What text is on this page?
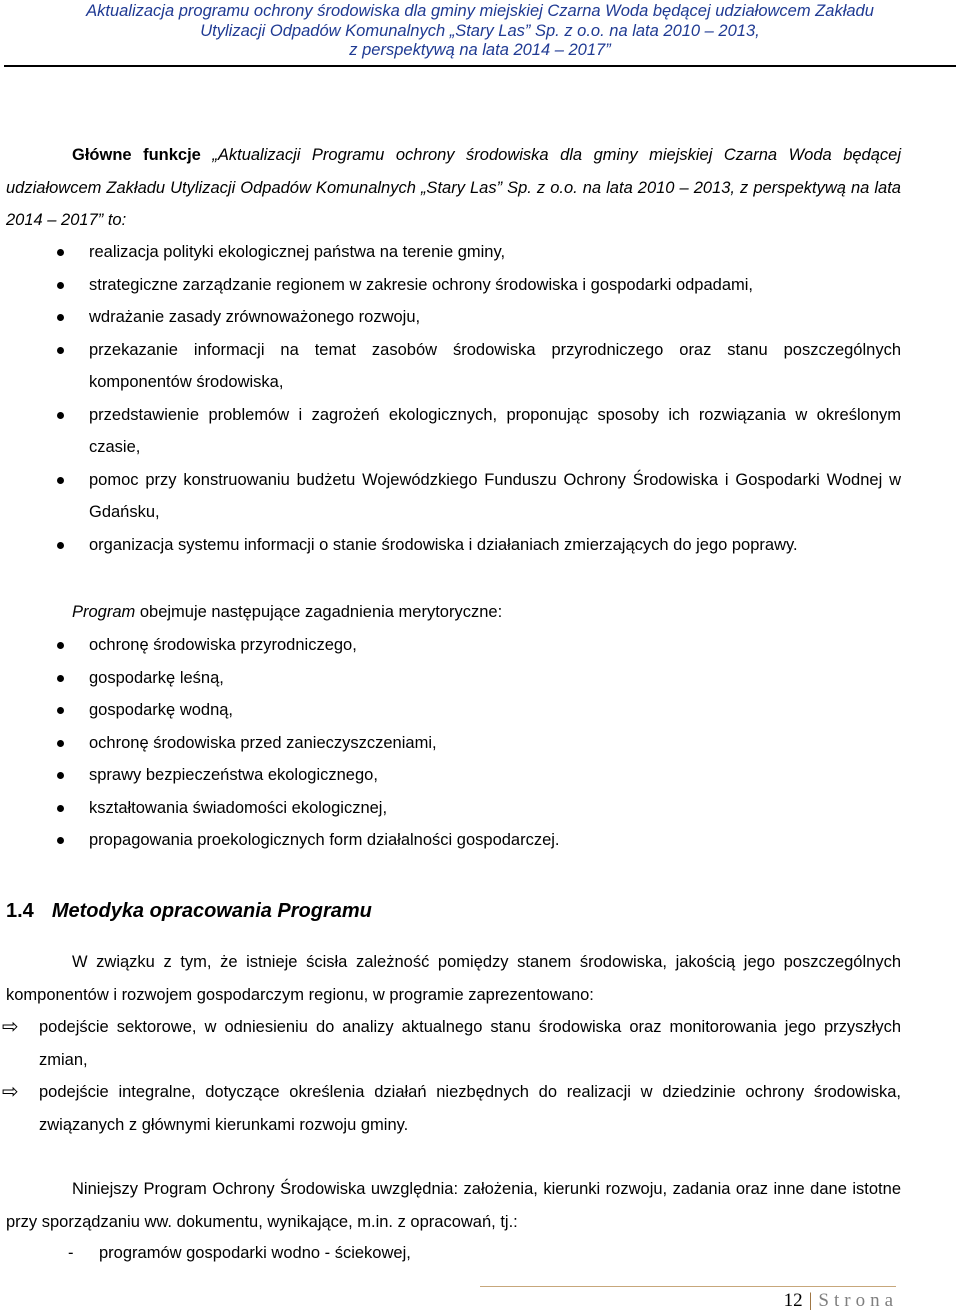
Aktualizacja programu ochrony środowiska dla gminy miejskiej Czarna Woda będącej udziałowcem Zakładu
Utylizacji Odpadów Komunalnych „Stary Las” Sp. z o.o. na lata 2010 – 2013,
z perspektywą na lata 2014 – 2017”
Główne funkcje „Aktualizacji Programu ochrony środowiska dla gminy miejskiej Czarna Woda będącej udziałowcem Zakładu Utylizacji Odpadów Komunalnych „Stary Las” Sp. z o.o. na lata 2010 – 2013, z perspektywą na lata 2014 – 2017” to:
realizacja polityki ekologicznej państwa na terenie gminy,
strategiczne zarządzanie regionem w zakresie ochrony środowiska i gospodarki odpadami,
wdrażanie zasady zrównoważonego rozwoju,
przekazanie informacji na temat zasobów środowiska przyrodniczego oraz stanu poszczególnych komponentów środowiska,
przedstawienie problemów i zagrożeń ekologicznych, proponując sposoby ich rozwiązania w określonym czasie,
pomoc przy konstruowaniu budżetu Wojewódzkiego Funduszu Ochrony Środowiska i Gospodarki Wodnej w Gdańsku,
organizacja systemu informacji o stanie środowiska i działaniach zmierzających do jego poprawy.
Program obejmuje następujące zagadnienia merytoryczne:
ochronę środowiska przyrodniczego,
gospodarkę leśną,
gospodarkę wodną,
ochronę środowiska przed zanieczyszczeniami,
sprawy bezpieczeństwa ekologicznego,
kształtowania świadomości ekologicznej,
propagowania proekologicznych form działalności gospodarczej.
1.4 Metodyka opracowania Programu
W związku z tym, że istnieje ścisła zależność pomiędzy stanem środowiska, jakością jego poszczególnych komponentów i rozwojem gospodarczym regionu, w programie zaprezentowano:
⇨ podejście sektorowe, w odniesieniu do analizy aktualnego stanu środowiska oraz monitorowania jego przyszłych zmian,
⇨ podejście integralne, dotyczące określenia działań niezbędnych do realizacji w dziedzinie ochrony środowiska, związanych z głównymi kierunkami rozwoju gminy.
Niniejszy Program Ochrony Środowiska uwzględnia: założenia, kierunki rozwoju, zadania oraz inne dane istotne przy sporządzaniu ww. dokumentu, wynikające, m.in. z opracowań, tj.:
- programów gospodarki wodno - ściekowej,
12 | Strona
